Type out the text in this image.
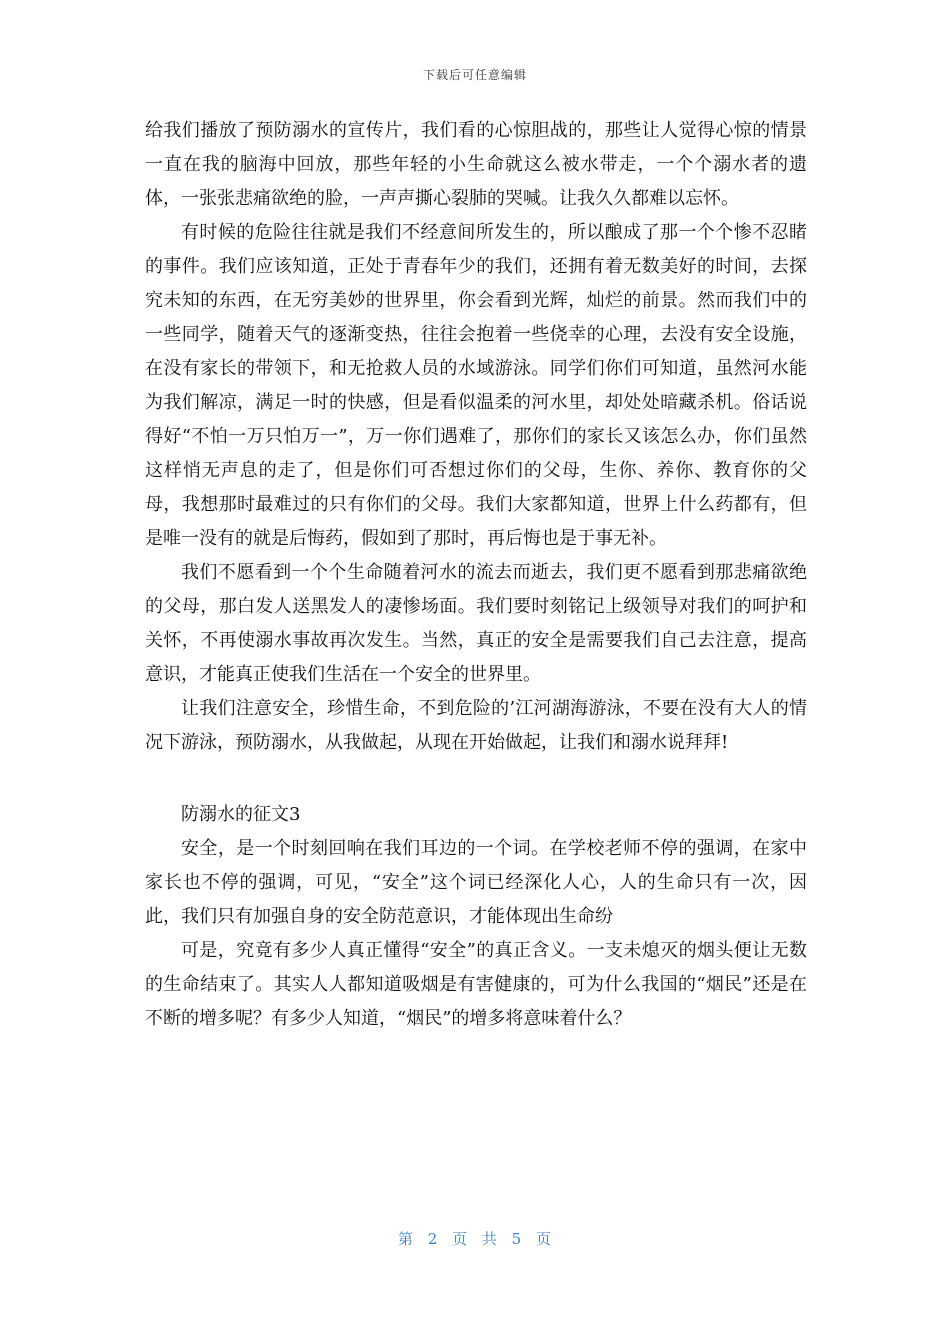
下载后可任意编辑

给我们播放了预防溺水的宣传片，我们看的心惊胆战的，那些让人觉得心惊的情景一直在我的脑海中回放，那些年轻的小生命就这么被水带走，一个个溺水者的遗体，一张张悲痛欲绝的脸，一声声撕心裂肺的哭喊。让我久久都难以忘怀。

有时候的危险往往就是我们不经意间所发生的，所以酿成了那一个个惨不忍睹的事件。我们应该知道，正处于青春年少的我们，还拥有着无数美好的时间，去探究未知的东西，在无穷美妙的世界里，你会看到光辉，灿烂的前景。然而我们中的一些同学，随着天气的逐渐变热，往往会抱着一些侥幸的心理，去没有安全设施，在没有家长的带领下，和无抢救人员的水域游泳。同学们你们可知道，虽然河水能为我们解凉，满足一时的快感，但是看似温柔的河水里，却处处暗藏杀机。俗话说得好“不怕一万只怕万一”，万一你们遇难了，那你们的家长又该怎么办，你们虽然这样悄无声息的走了，但是你们可否想过你们的父母，生你、养你、教育你的父母，我想那时最难过的只有你们的父母。我们大家都知道，世界上什么药都有，但是唯一没有的就是后悔药，假如到了那时，再后悔也是于事无补。

我们不愿看到一个个生命随着河水的流去而逝去，我们更不愿看到那悲痛欲绝的父母，那白发人送黑发人的凄惨场面。我们要时刻铭记上级领导对我们的呵护和关怀，不再使溺水事故再次发生。当然，真正的安全是需要我们自己去注意，提高意识，才能真正使我们生活在一个安全的世界里。

让我们注意安全，珍惜生命，不到危险的’江河湖海游泳，不要在没有大人的情况下游泳，预防溺水，从我做起，从现在开始做起，让我们和溺水说拜拜!

防溺水的征文3

安全，是一个时刻回响在我们耳边的一个词。在学校老师不停的强调，在家中家长也不停的强调，可见，“安全”这个词已经深化人心，人的生命只有一次，因此，我们只有加强自身的安全防范意识，才能体现出生命纷

可是，究竟有多少人真正懂得“安全”的真正含义。一支未熄灭的烟头便让无数的生命结束了。其实人人都知道吸烟是有害健康的，可为什么我国的“烟民”还是在不断的增多呢？有多少人知道，“烟民”的增多将意味着什么？

第 2 页 共 5 页
